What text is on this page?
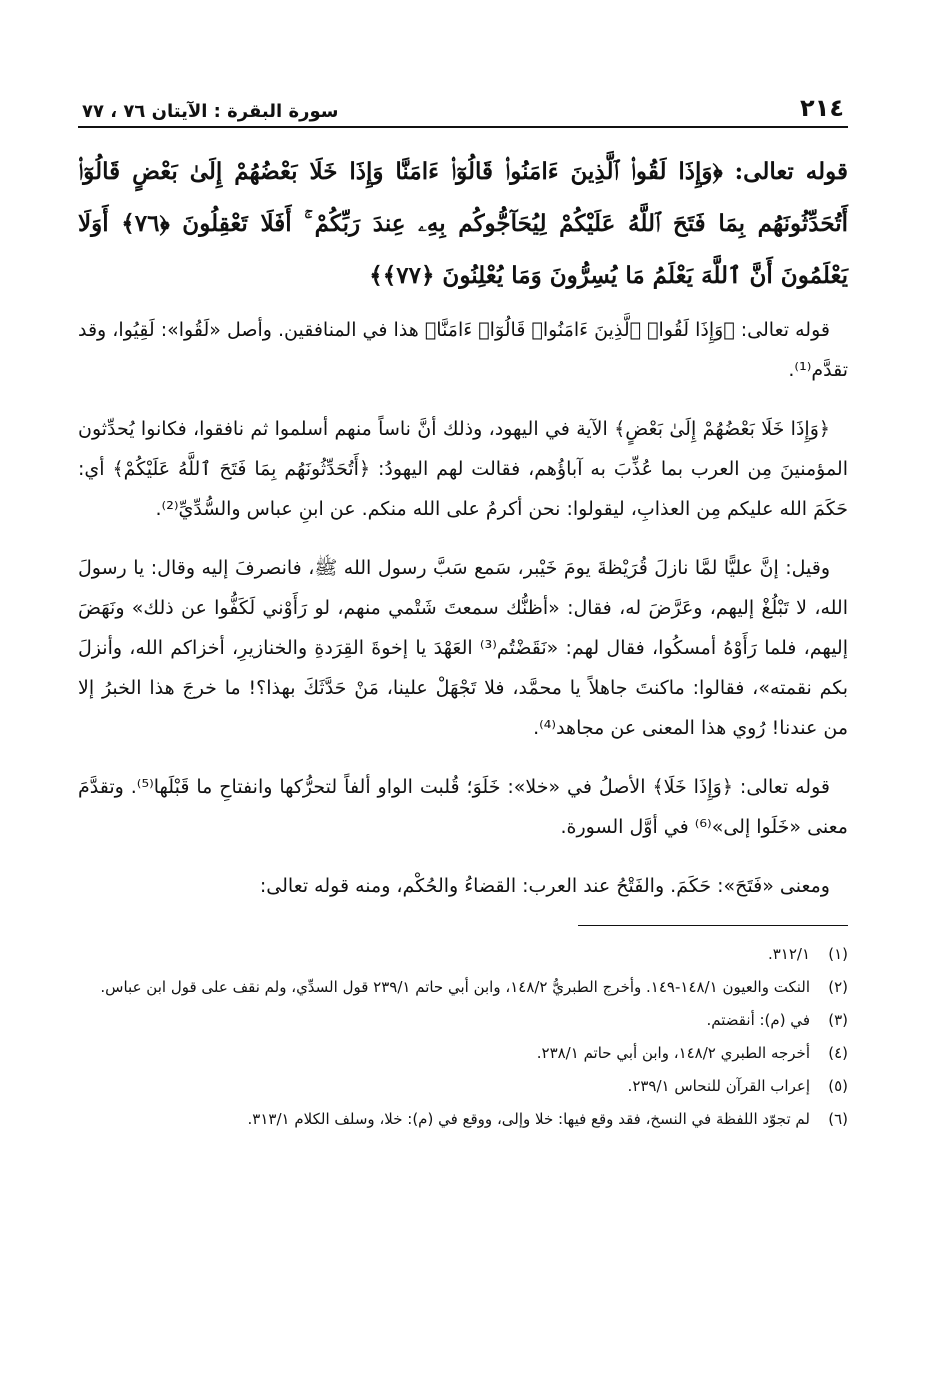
٢١٤
سورة البقرة : الآيتان ٧٦ ، ٧٧
قوله تعالى: ﴿وَإِذَا لَقُوا۟ ٱلَّذِينَ ءَامَنُوا۟ قَالُوٓا۟ ءَامَنَّا وَإِذَا خَلَا بَعْضُهُمْ إِلَىٰ بَعْضٍ قَالُوٓا۟ أَتُحَدِّثُونَهُم بِمَا فَتَحَ ٱللَّهُ عَلَيْكُمْ لِيُحَآجُّوكُم بِهِۦ عِندَ رَبِّكُمْ ۚ أَفَلَا تَعْقِلُونَ ﴿٧٦﴾ أَوَلَا يَعْلَمُونَ أَنَّ ٱللَّهَ يَعْلَمُ مَا يُسِرُّونَ وَمَا يُعْلِنُونَ ﴿٧٧﴾﴾

قوله تعالى: ﴿وَإِذَا لَقُوا۟ ٱلَّذِينَ ءَامَنُوا۟ قَالُوٓا۟ ءَامَنَّا﴾ هذا في المنافقين. وأصل «لَقُوا»: لَقِيُوا، وقد تقدَّم⁽¹⁾.

﴿وَإِذَا خَلَا بَعْضُهُمْ إِلَىٰ بَعْضٍ﴾ الآية في اليهود، وذلك أنَّ ناساً منهم أسلموا ثم نافقوا، فكانوا يُحدِّثون المؤمنينَ مِن العرب بما عُذِّبَ به آباؤُهم، فقالت لهم اليهودُ: ﴿أَتُحَدِّثُونَهُم بِمَا فَتَحَ ٱللَّهُ عَلَيْكُمْ﴾ أي: حَكَمَ الله عليكم مِن العذابِ، ليقولوا: نحن أكرمُ على الله منكم. عن ابنِ عباس والسُّدِّيِّ⁽²⁾.

وقيل: إنَّ عليًّا لمَّا نازلَ قُرَيْظةَ يومَ خَيْبر، سَمع سَبَّ رسول الله ﷺ، فانصرفَ إليه وقال: يا رسولَ الله، لا تَبْلُغْ إليهم، وعَرَّضَ له، فقال: «أظنُّك سمعتَ شَتْمي منهم، لو رَأَوْني لَكَفُّوا عن ذلك» ونَهَضَ إليهم، فلما رَأَوْهُ أمسكُوا، فقال لهم: «نَقَضْتُم⁽³⁾ العَهْدَ يا إخوةَ القِرَدةِ والخنازيرِ، أخزاكم الله، وأنزلَ بكم نقمته»، فقالوا: ماكنتَ جاهلاً يا محمَّد، فلا تَجْهَلْ علينا، مَنْ حَدَّثَكَ بهذا؟! ما خرجَ هذا الخبرُ إلا من عندنا! رُوي هذا المعنى عن مجاهد⁽⁴⁾.

قوله تعالى: ﴿وَإِذَا خَلَا﴾ الأصلُ في «خلا»: خَلَوَ؛ قُلبت الواو ألفاً لتحرُّكها وانفتاحِ ما قَبْلَها⁽⁵⁾. وتقدَّمَ معنى «خَلَوا إلى»⁽⁶⁾ في أوَّل السورة.

ومعنى «فَتَحَ»: حَكَمَ. والفَتْحُ عند العرب: القضاءُ والحُكْم، ومنه قوله تعالى:

(١)
٣١٢/١.
(٢)
النكت والعيون ١٤٨/١-١٤٩. وأخرج الطبريُّ ١٤٨/٢، وابن أبي حاتم ٢٣٩/١ قول السدِّي، ولم نقف على قول ابن عباس.
(٣)
في (م): أنقضتم.
(٤)
أخرجه الطبري ١٤٨/٢، وابن أبي حاتم ٢٣٨/١.
(٥)
إعراب القرآن للنحاس ٢٣٩/١.
(٦)
لم تجوّد اللفظة في النسخ، فقد وقع فيها: خلا وإلى، ووقع في (م): خلا، وسلف الكلام ٣١٣/١.
